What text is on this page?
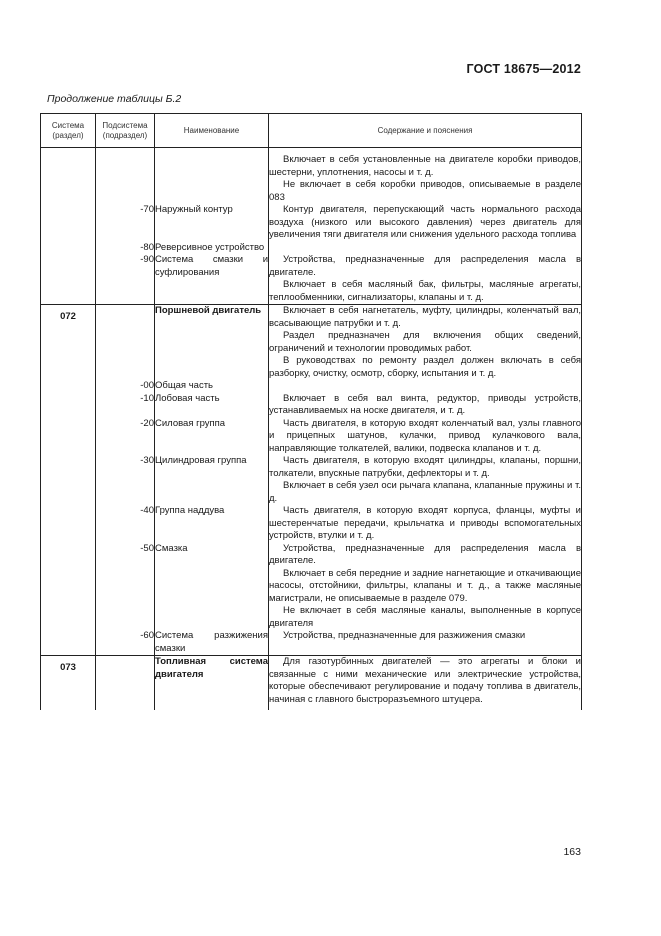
ГОСТ 18675—2012
Продолжение таблицы Б.2
Система (раздел)	Подсистема (подраздел)	Наименование	Содержание и пояснения

			Включает в себя установленные на двигателе коробки приводов, шестерни, уплотнения, насосы и т. д.

Не включает в себя коробки приводов, описываемые в разделе 083

	-70	Наружный контур	Контур двигателя, перепускающий часть нормального расхода воздуха (низкого или высокого давления) через двигатель для увеличения тяги двигателя или снижения удельного расхода топлива

	-80	Реверсивное устройство	

	-90	Система смазки и суфлирования	Устройства, предназначенные для распределения масла в двигателе.

Включает в себя масляный бак, фильтры, масляные агрегаты, теплообменники, сигнализаторы, клапаны и т. д.

072		Поршневой двигатель	Включает в себя нагнетатель, муфту, цилиндры, коленчатый вал, всасывающие патрубки и т. д.

Раздел предназначен для включения общих сведений, ограничений и технологии проводимых работ.

В руководствах по ремонту раздел должен включать в себя разборку, очистку, осмотр, сборку, испытания и т. д.

	-00	Общая часть	

	-10	Лобовая часть	Включает в себя вал винта, редуктор, приводы устройств, устанавливаемых на носке двигателя, и т. д.

	-20	Силовая группа	Часть двигателя, в которую входят коленчатый вал, узлы главного и прицепных шатунов, кулачки, привод кулачкового вала, направляющие толкателей, валики, подвеска клапанов и т. д.

	-30	Цилиндровая группа	Часть двигателя, в которую входят цилиндры, клапаны, поршни, толкатели, впускные патрубки, дефлекторы и т. д.

Включает в себя узел оси рычага клапана, клапанные пружины и т. д.

	-40	Группа наддува	Часть двигателя, в которую входят корпуса, фланцы, муфты и шестеренчатые передачи, крыльчатка и приводы вспомогательных устройств, втулки и т. д.

	-50	Смазка	Устройства, предназначенные для распределения масла в двигателе.

Включает в себя передние и задние нагнетающие и откачивающие насосы, отстойники, фильтры, клапаны и т. д., а также масляные магистрали, не описываемые в разделе 079.

Не включает в себя масляные каналы, выполненные в корпусе двигателя

	-60	Система разжижения смазки	Устройства, предназначенные для разжижения смазки

073		Топливная система двигателя	Для газотурбинных двигателей — это агрегаты и блоки и связанные с ними механические или электрические устройства, которые обеспечивают регулирование и подачу топлива в двигатель, начиная с главного быстроразъемного штуцера.

163
